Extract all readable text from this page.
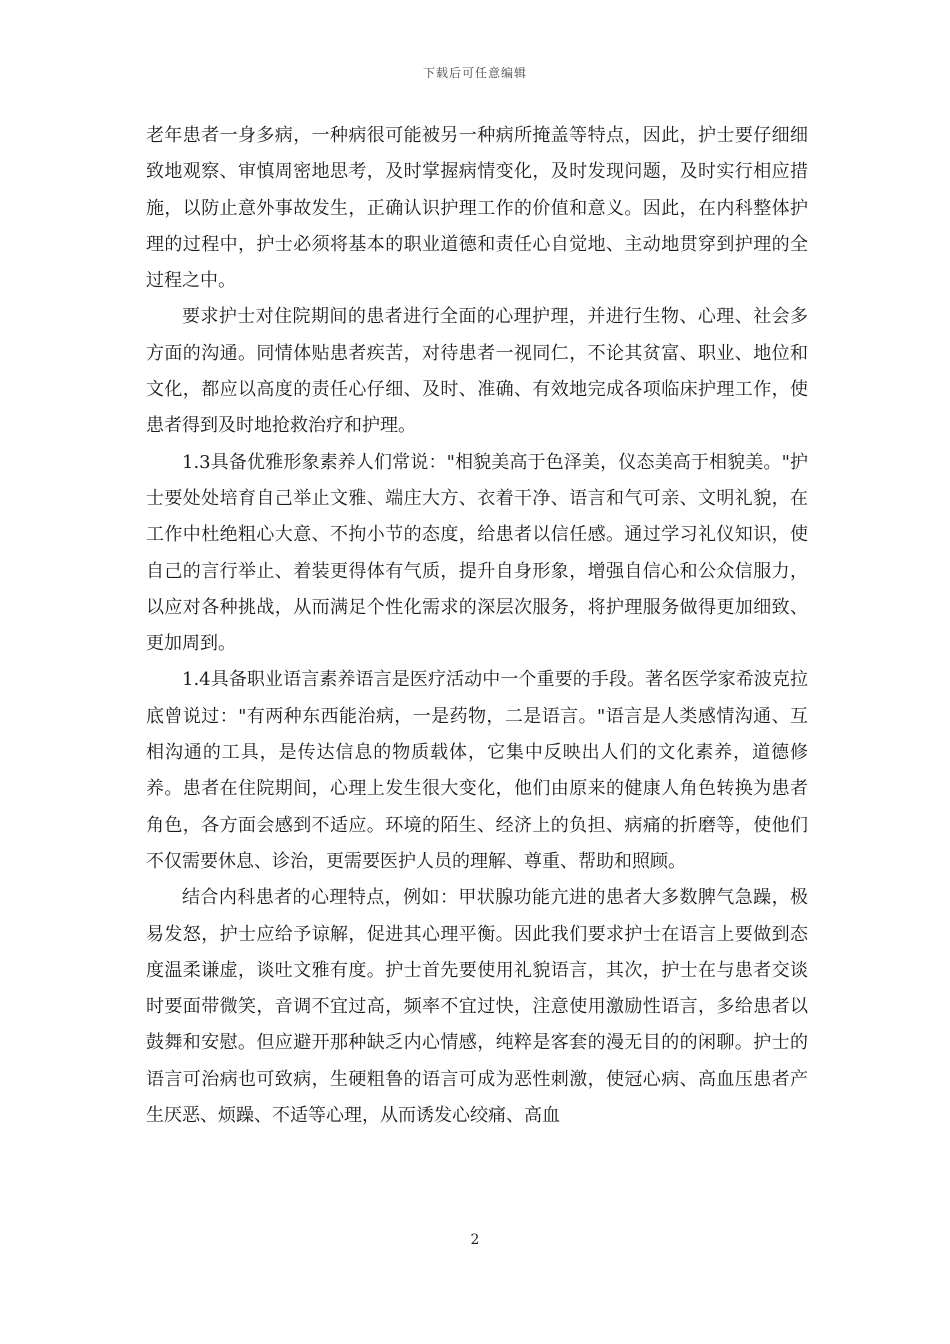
下载后可任意编辑

老年患者一身多病，一种病很可能被另一种病所掩盖等特点，因此，护士要仔细细致地观察、审慎周密地思考，及时掌握病情变化，及时发现问题，及时实行相应措施，以防止意外事故发生，正确认识护理工作的价值和意义。因此，在内科整体护理的过程中，护士必须将基本的职业道德和责任心自觉地、主动地贯穿到护理的全过程之中。

要求护士对住院期间的患者进行全面的心理护理，并进行生物、心理、社会多方面的沟通。同情体贴患者疾苦，对待患者一视同仁，不论其贫富、职业、地位和文化，都应以高度的责任心仔细、及时、准确、有效地完成各项临床护理工作，使患者得到及时地抢救治疗和护理。

1.3具备优雅形象素养人们常说："相貌美高于色泽美，仪态美高于相貌美。"护士要处处培育自己举止文雅、端庄大方、衣着干净、语言和气可亲、文明礼貌，在工作中杜绝粗心大意、不拘小节的态度，给患者以信任感。通过学习礼仪知识，使自己的言行举止、着装更得体有气质，提升自身形象，增强自信心和公众信服力，以应对各种挑战，从而满足个性化需求的深层次服务，将护理服务做得更加细致、更加周到。

1.4具备职业语言素养语言是医疗活动中一个重要的手段。著名医学家希波克拉底曾说过："有两种东西能治病，一是药物，二是语言。"语言是人类感情沟通、互相沟通的工具，是传达信息的物质载体，它集中反映出人们的文化素养，道德修养。患者在住院期间，心理上发生很大变化，他们由原来的健康人角色转换为患者角色，各方面会感到不适应。环境的陌生、经济上的负担、病痛的折磨等，使他们不仅需要休息、诊治，更需要医护人员的理解、尊重、帮助和照顾。

结合内科患者的心理特点，例如：甲状腺功能亢进的患者大多数脾气急躁，极易发怒，护士应给予谅解，促进其心理平衡。因此我们要求护士在语言上要做到态度温柔谦虚，谈吐文雅有度。护士首先要使用礼貌语言，其次，护士在与患者交谈时要面带微笑，音调不宜过高，频率不宜过快，注意使用激励性语言，多给患者以鼓舞和安慰。但应避开那种缺乏内心情感，纯粹是客套的漫无目的的闲聊。护士的语言可治病也可致病，生硬粗鲁的语言可成为恶性刺激，使冠心病、高血压患者产生厌恶、烦躁、不适等心理，从而诱发心绞痛、高血

2
